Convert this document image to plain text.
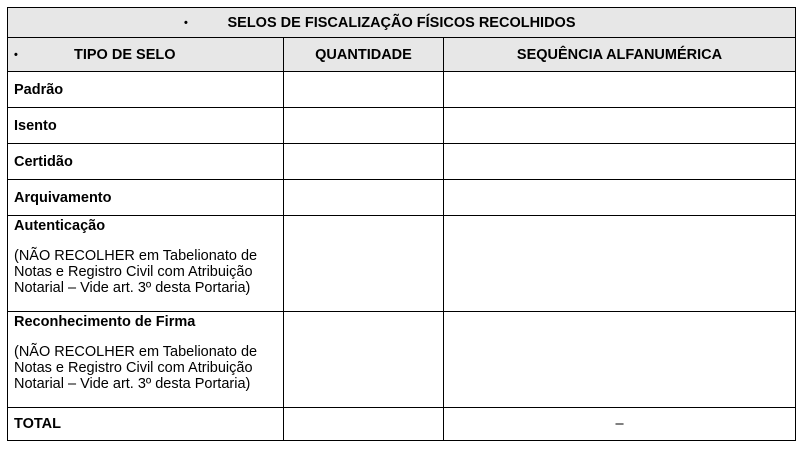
• SELOS DE FISCALIZAÇÃO FÍSICOS RECOLHIDOS		

• TIPO DE SELO	QUANTIDADE	SEQUÊNCIA ALFANUMÉRICA
Padrão		
Isento		
Certidão		
Arquivamento		

Autenticação
(NÃO RECOLHER em Tabelionato de Notas e Registro Civil com Atribuição Notarial – Vide art. 3º desta Portaria)		

Reconhecimento de Firma
(NÃO RECOLHER em Tabelionato de Notas e Registro Civil com Atribuição Notarial – Vide art. 3º desta Portaria)		

TOTAL		–
